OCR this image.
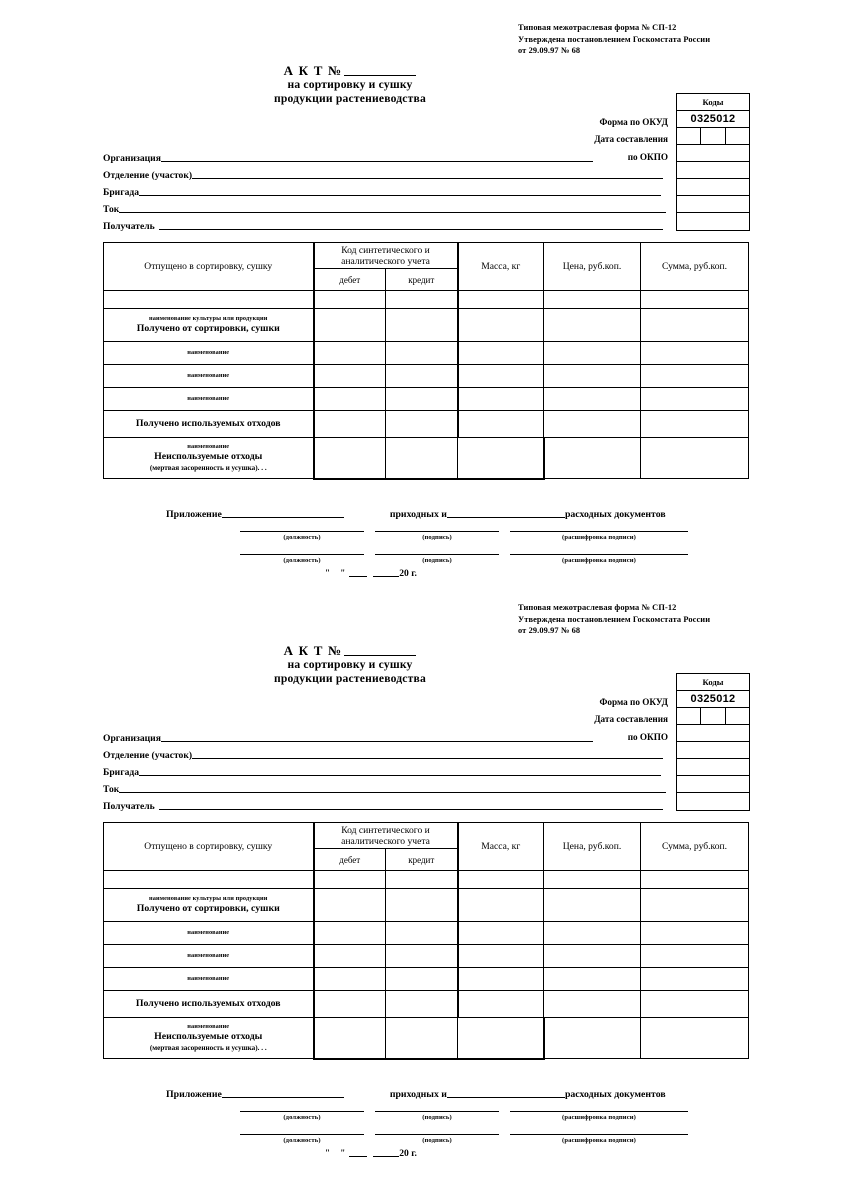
Типовая межотраслевая форма № СП-12
Утверждена постановлением Госкомстата России
от 29.09.97 № 68
А К Т №
на сортировку и сушку
продукции растениеводства	Коды
0325012
Форма по ОКУД
Дата составления
по ОКПО
Организация
Отделение (участок)
Бригада
Ток
Получатель
Отпущено в сортировку, сушку	Код синтетического и аналитического учета		Масса, кг	Цена, руб.коп.	Сумма, руб.коп.
	дебет	кредит			

наименование культуры или продукции
Получено от сортировки, сушки					

наименование					

наименование					

наименование					

Получено используемых отходов					

наименование
Неиспользуемые отходы
(мертвая засоренность и усушка). . .					

Приложение	приходных и	расходных документов
(должность)	(подпись)	(расшифровка подписи)
(должность)	(подпись)	(расшифровка подписи)
" "	20 г.
Типовая межотраслевая форма № СП-12
Утверждена постановлением Госкомстата России
от 29.09.97 № 68
А К Т №
на сортировку и сушку
продукции растениеводства	Коды
0325012
Форма по ОКУД
Дата составления
по ОКПО
Организация
Отделение (участок)
Бригада
Ток
Получатель
Отпущено в сортировку, сушку	Код синтетического и аналитического учета		Масса, кг	Цена, руб.коп.	Сумма, руб.коп.
	дебет	кредит			

наименование культуры или продукции
Получено от сортировки, сушки					

наименование					

наименование					

наименование					

Получено используемых отходов					

наименование
Неиспользуемые отходы
(мертвая засоренность и усушка). . .					

Приложение	приходных и	расходных документов
(должность)	(подпись)	(расшифровка подписи)
(должность)	(подпись)	(расшифровка подписи)
" "	20 г.
